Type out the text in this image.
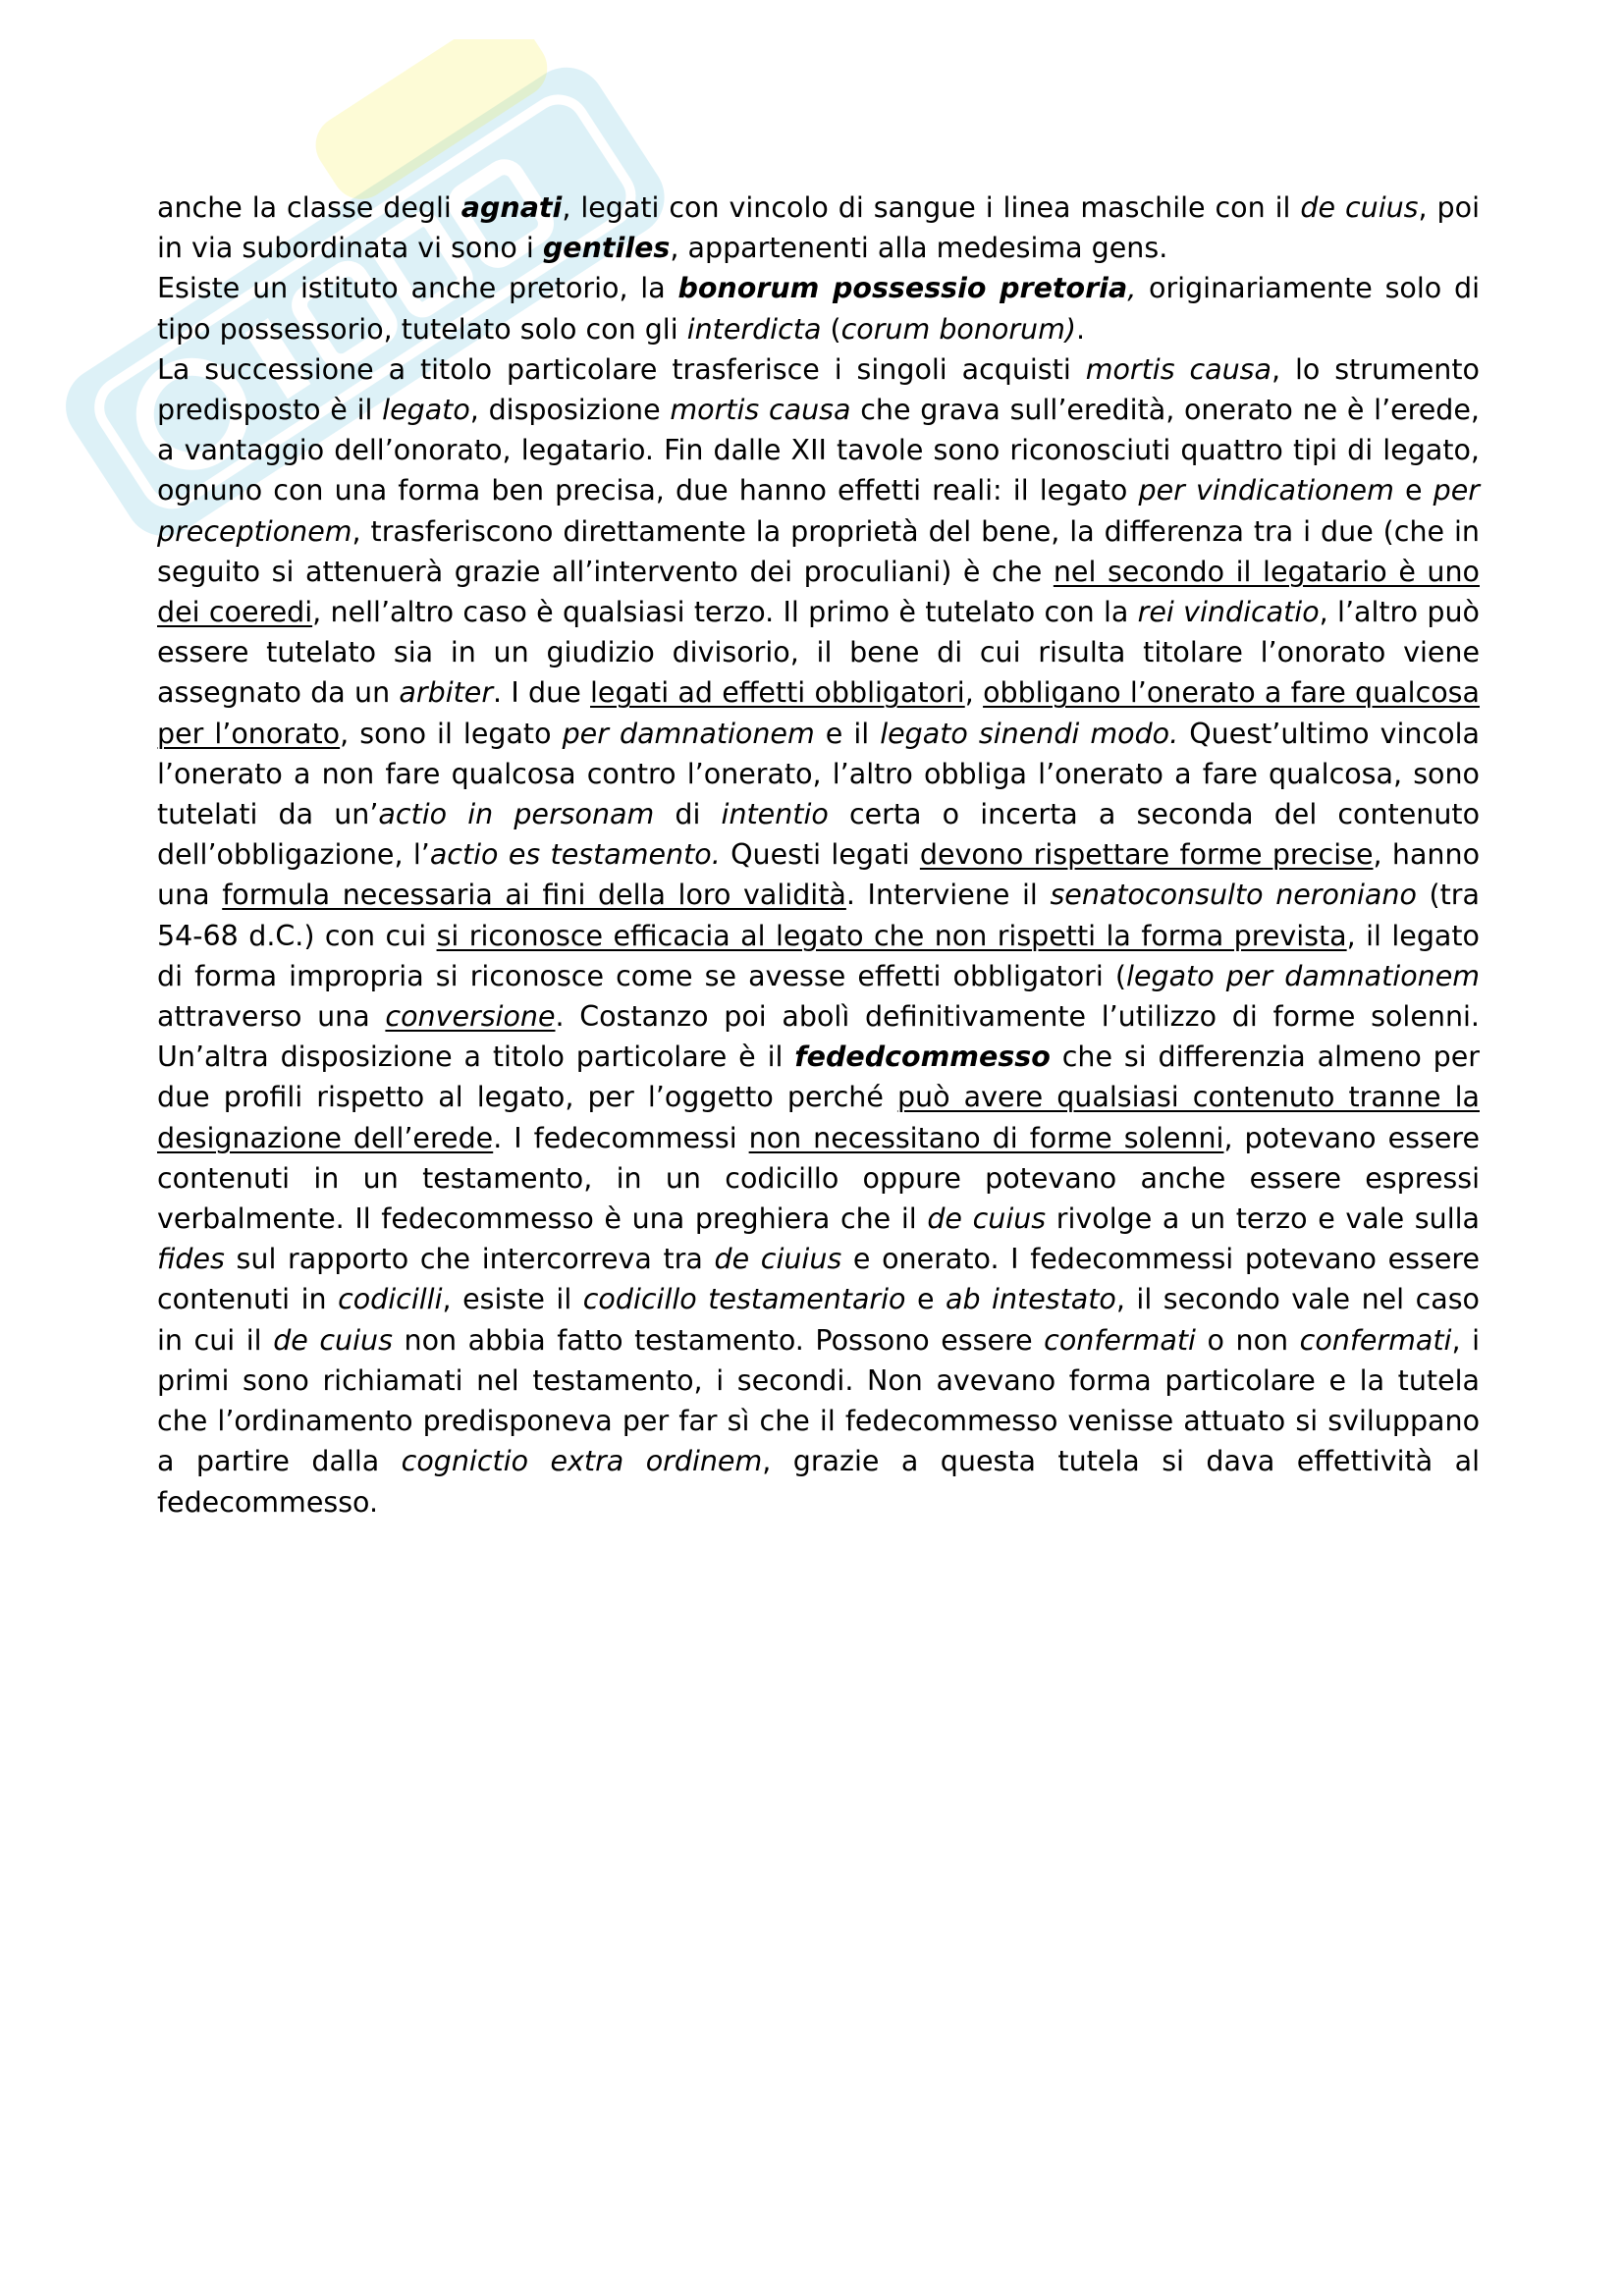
anche la classe degli agnati, legati con vincolo di sangue i linea maschile con il de cuius, poi in via subordinata vi sono i gentiles, appartenenti alla medesima gens.

Esiste un istituto anche pretorio, la bonorum possessio pretoria, originariamente solo di tipo possessorio, tutelato solo con gli interdicta (corum bonorum).

La successione a titolo particolare trasferisce i singoli acquisti mortis causa, lo strumento predisposto è il legato, disposizione mortis causa che grava sull’eredità, onerato ne è l’erede, a vantaggio dell’onorato, legatario. Fin dalle XII tavole sono riconosciuti quattro tipi di legato, ognuno con una forma ben precisa, due hanno effetti reali: il legato per vindicationem e per preceptionem, trasferiscono direttamente la proprietà del bene, la differenza tra i due (che in seguito si attenuerà grazie all’intervento dei proculiani) è che nel secondo il legatario è uno dei coeredi, nell’altro caso è qualsiasi terzo. Il primo è tutelato con la rei vindicatio, l’altro può essere tutelato sia in un giudizio divisorio, il bene di cui risulta titolare l’onorato viene assegnato da un arbiter. I due legati ad effetti obbligatori, obbligano l’onerato a fare qualcosa per l’onorato, sono il legato per damnationem e il legato sinendi modo. Quest’ultimo vincola l’onerato a non fare qualcosa contro l’onerato, l’altro obbliga l’onerato a fare qualcosa, sono tutelati da un’actio in personam di intentio certa o incerta a seconda del contenuto dell’obbligazione, l’actio es testamento. Questi legati devono rispettare forme precise, hanno una formula necessaria ai fini della loro validità. Interviene il senatoconsulto neroniano (tra 54-68 d.C.) con cui si riconosce efficacia al legato che non rispetti la forma prevista, il legato di forma impropria si riconosce come se avesse effetti obbligatori (legato per damnationem attraverso una conversione. Costanzo poi abolì definitivamente l’utilizzo di forme solenni. Un’altra disposizione a titolo particolare è il fededcommesso che si differenzia almeno per due profili rispetto al legato, per l’oggetto perché può avere qualsiasi contenuto tranne la designazione dell’erede. I fedecommessi non necessitano di forme solenni, potevano essere contenuti in un testamento, in un codicillo oppure potevano anche essere espressi verbalmente. Il fedecommesso è una preghiera che il de cuius rivolge a un terzo e vale sulla fides sul rapporto che intercorreva tra de ciuius e onerato. I fedecommessi potevano essere contenuti in codicilli, esiste il codicillo testamentario e ab intestato, il secondo vale nel caso in cui il de cuius non abbia fatto testamento. Possono essere confermati o non confermati, i primi sono richiamati nel testamento, i secondi. Non avevano forma particolare e la tutela che l’ordinamento predisponeva per far sì che il fedecommesso venisse attuato si sviluppano a partire dalla cognictio extra ordinem, grazie a questa tutela si dava effettività al fedecommesso.
